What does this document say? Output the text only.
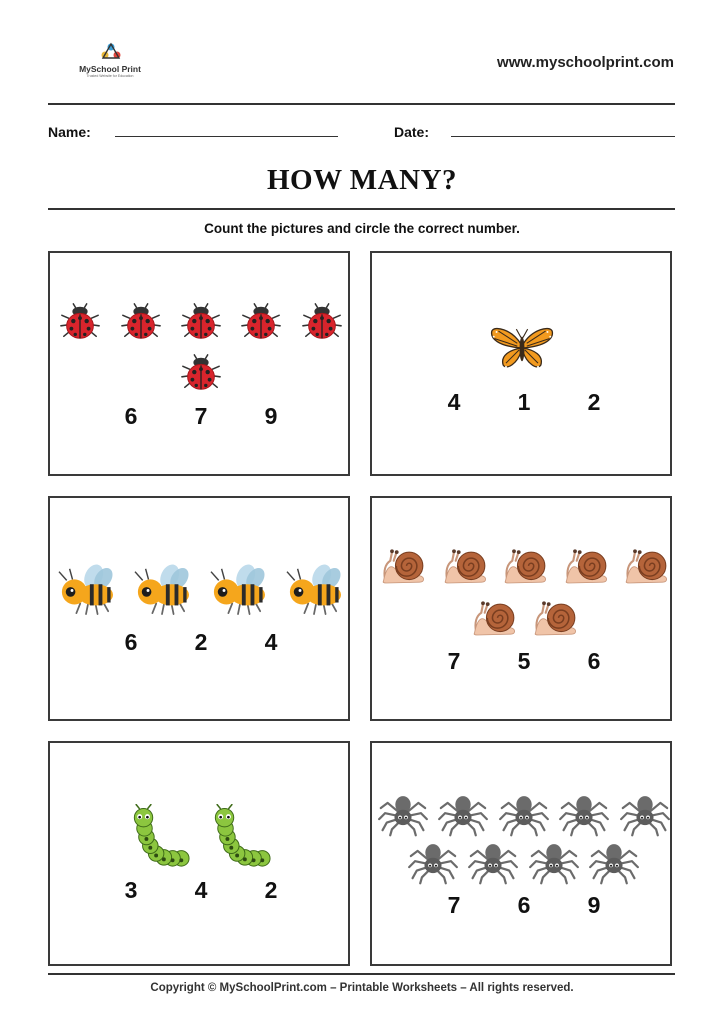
MySchool Print
Trusted Website for Education
www.myschoolprint.com
Name:	Date:
HOW MANY?
Count the pictures and circle the correct number.
6	7	9
4	1	2
6	2	4
7	5	6
3	4	2
7	6	9
Copyright © MySchoolPrint.com – Printable Worksheets – All rights reserved.
